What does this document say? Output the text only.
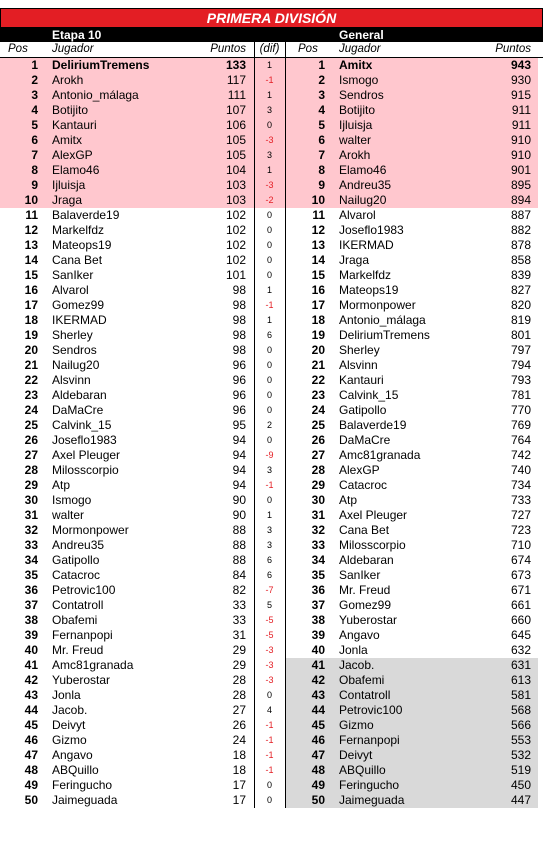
PRIMERA DIVISIÓN
Etapa 10	General
Pos Jugador	Puntos	(dif)	Pos Jugador	Puntos
1 DeliriumTremens	133	1	1 Amitx	943
2 Arokh	117	-1	2 Ismogo	930
3 Antonio_málaga	111	1	3 Sendros	915
4 Botijito	107	3	4 Botijito	911
5 Kantauri	106	0	5 Ijluisja	911
6 Amitx	105	-3	6 walter	910
7 AlexGP	105	3	7 Arokh	910
8 Elamo46	104	1	8 Elamo46	901
9 Ijluisja	103	-3	9 Andreu35	895
10 Jraga	103	-2	10 Nailug20	894
11 Balaverde19	102	0	11 Alvarol	887
12 Markelfdz	102	0	12 Joseflo1983	882
13 Mateops19	102	0	13 IKERMAD	878
14 Cana Bet	102	0	14 Jraga	858
15 SanIker	101	0	15 Markelfdz	839
16 Alvarol	98	1	16 Mateops19	827
17 Gomez99	98	-1	17 Mormonpower	820
18 IKERMAD	98	1	18 Antonio_málaga	819
19 Sherley	98	6	19 DeliriumTremens	801
20 Sendros	98	0	20 Sherley	797
21 Nailug20	96	0	21 Alsvinn	794
22 Alsvinn	96	0	22 Kantauri	793
23 Aldebaran	96	0	23 Calvink_15	781
24 DaMaCre	96	0	24 Gatipollo	770
25 Calvink_15	95	2	25 Balaverde19	769
26 Joseflo1983	94	0	26 DaMaCre	764
27 Axel Pleuger	94	-9	27 Amc81granada	742
28 Milosscorpio	94	3	28 AlexGP	740
29 Atp	94	-1	29 Catacroc	734
30 Ismogo	90	0	30 Atp	733
31 walter	90	1	31 Axel Pleuger	727
32 Mormonpower	88	3	32 Cana Bet	723
33 Andreu35	88	3	33 Milosscorpio	710
34 Gatipollo	88	6	34 Aldebaran	674
35 Catacroc	84	6	35 SanIker	673
36 Petrovic100	82	-7	36 Mr. Freud	671
37 Contatroll	33	5	37 Gomez99	661
38 Obafemi	33	-5	38 Yuberostar	660
39 Fernanpopi	31	-5	39 Angavo	645
40 Mr. Freud	29	-3	40 Jonla	632
41 Amc81granada	29	-3	41 Jacob.	631
42 Yuberostar	28	-3	42 Obafemi	613
43 Jonla	28	0	43 Contatroll	581
44 Jacob.	27	4	44 Petrovic100	568
45 Deivyt	26	-1	45 Gizmo	566
46 Gizmo	24	-1	46 Fernanpopi	553
47 Angavo	18	-1	47 Deivyt	532
48 ABQuillo	18	-1	48 ABQuillo	519
49 Feringucho	17	0	49 Feringucho	450
50 Jaimeguada	17	0	50 Jaimeguada	447
